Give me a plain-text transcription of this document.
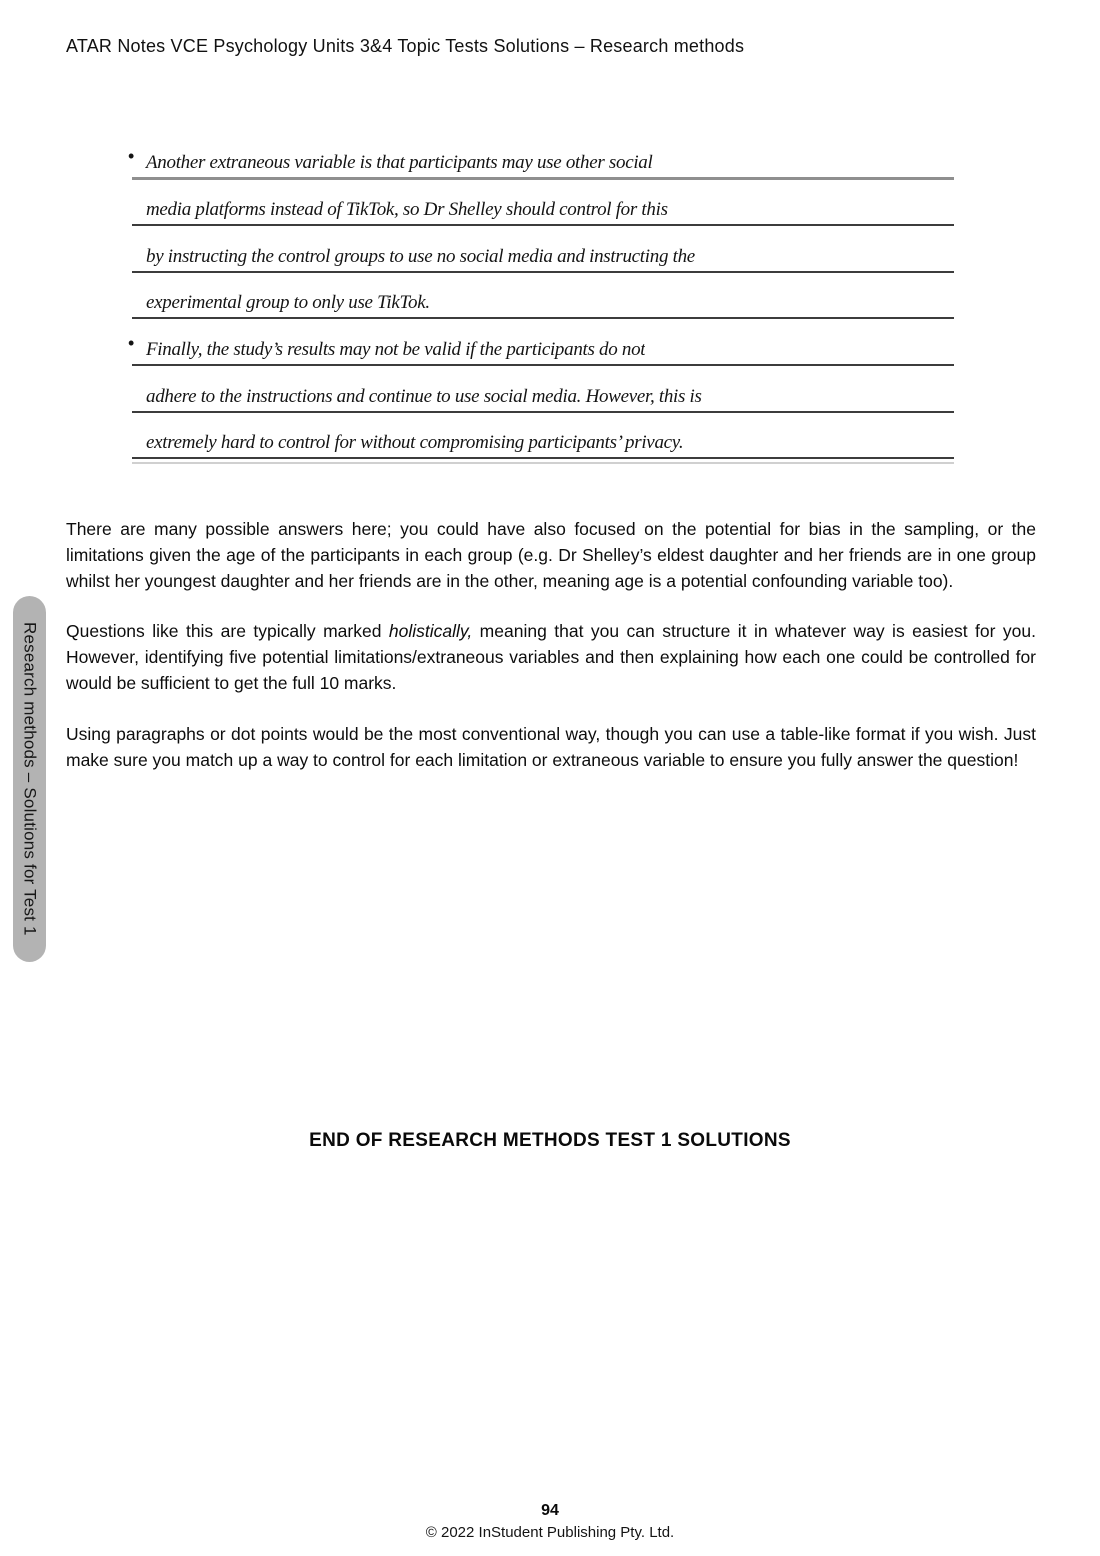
ATAR Notes VCE Psychology Units 3&4 Topic Tests Solutions – Research methods
• Another extraneous variable is that participants may use other social
media platforms instead of TikTok, so Dr Shelley should control for this
by instructing the control groups to use no social media and instructing the
experimental group to only use TikTok.
• Finally, the study’s results may not be valid if the participants do not
adhere to the instructions and continue to use social media. However, this is
extremely hard to control for without compromising participants’ privacy.

There are many possible answers here; you could have also focused on the potential for bias in the sampling, or the limitations given the age of the participants in each group (e.g. Dr Shelley’s eldest daughter and her friends are in one group whilst her youngest daughter and her friends are in the other, meaning age is a potential confounding variable too).

Questions like this are typically marked holistically, meaning that you can structure it in whatever way is easiest for you. However, identifying five potential limitations/extraneous variables and then explaining how each one could be controlled for would be sufficient to get the full 10 marks.

Using paragraphs or dot points would be the most conventional way, though you can use a table-like format if you wish. Just make sure you match up a way to control for each limitation or extraneous variable to ensure you fully answer the question!

Research methods – Solutions for Test 1
END OF RESEARCH METHODS TEST 1 SOLUTIONS
94
© 2022 InStudent Publishing Pty. Ltd.
